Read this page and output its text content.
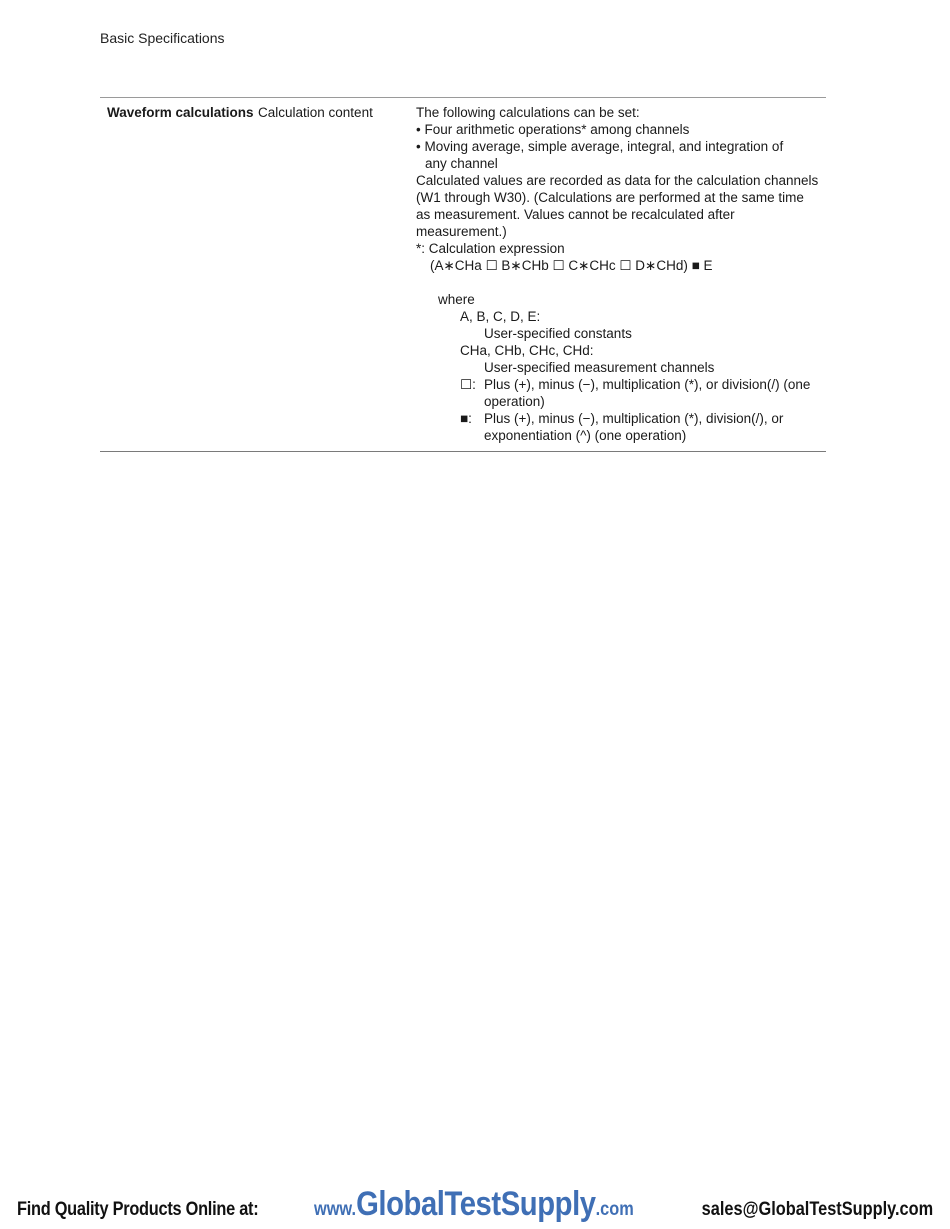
Basic Specifications
Waveform calculations Calculation content	The following calculations can be set:
• Four arithmetic operations* among channels
• Moving average, simple average, integral, and integration of
any channel
Calculated values are recorded as data for the calculation channels (W1 through W30). (Calculations are performed at the same time as measurement. Values cannot be recalculated after measurement.)
*: Calculation expression
(A∗CHa ☐ B∗CHb ☐ C∗CHc ☐ D∗CHd) ■ E
where
A, B, C, D, E:
User-specified constants
CHa, CHb, CHc, CHd:
User-specified measurement channels
☐: Plus (+), minus (−), multiplication (*), or division(/) (one operation)
■: Plus (+), minus (−), multiplication (*), division(/), or exponentiation (^) (one operation)
Find Quality Products Online at:	www.GlobalTestSupply.com	sales@GlobalTestSupply.com
